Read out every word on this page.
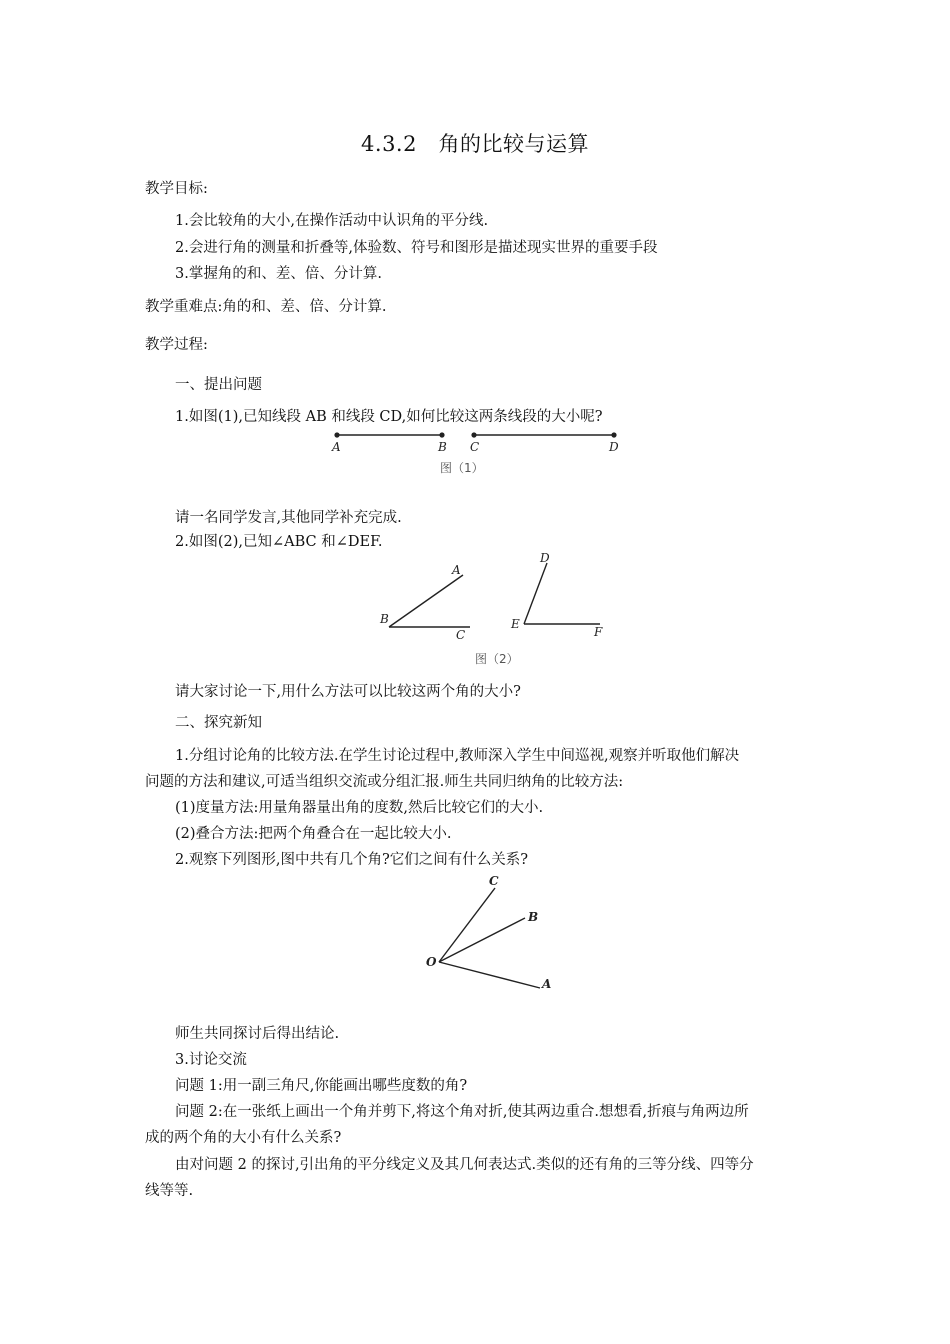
4.3.2　角的比较与运算
教学目标:
1.会比较角的大小,在操作活动中认识角的平分线.
2.会进行角的测量和折叠等,体验数、符号和图形是描述现实世界的重要手段
3.掌握角的和、差、倍、分计算.
教学重难点:角的和、差、倍、分计算.
教学过程:
一、提出问题
1.如图(1),已知线段 AB 和线段 CD,如何比较这两条线段的大小呢?
A	B C	D
A
B
C
D
E
F
C
B
O
A
图（1）
请一名同学发言,其他同学补充完成.
2.如图(2),已知∠ABC 和∠DEF.
图（2）
请大家讨论一下,用什么方法可以比较这两个角的大小?
二、探究新知
1.分组讨论角的比较方法.在学生讨论过程中,教师深入学生中间巡视,观察并听取他们解决
问题的方法和建议,可适当组织交流或分组汇报.师生共同归纳角的比较方法:
(1)度量方法:用量角器量出角的度数,然后比较它们的大小.
(2)叠合方法:把两个角叠合在一起比较大小.
2.观察下列图形,图中共有几个角?它们之间有什么关系?
师生共同探讨后得出结论.
3.讨论交流
问题 1:用一副三角尺,你能画出哪些度数的角?
问题 2:在一张纸上画出一个角并剪下,将这个角对折,使其两边重合.想想看,折痕与角两边所
成的两个角的大小有什么关系?
由对问题 2 的探讨,引出角的平分线定义及其几何表达式.类似的还有角的三等分线、四等分
线等等.
